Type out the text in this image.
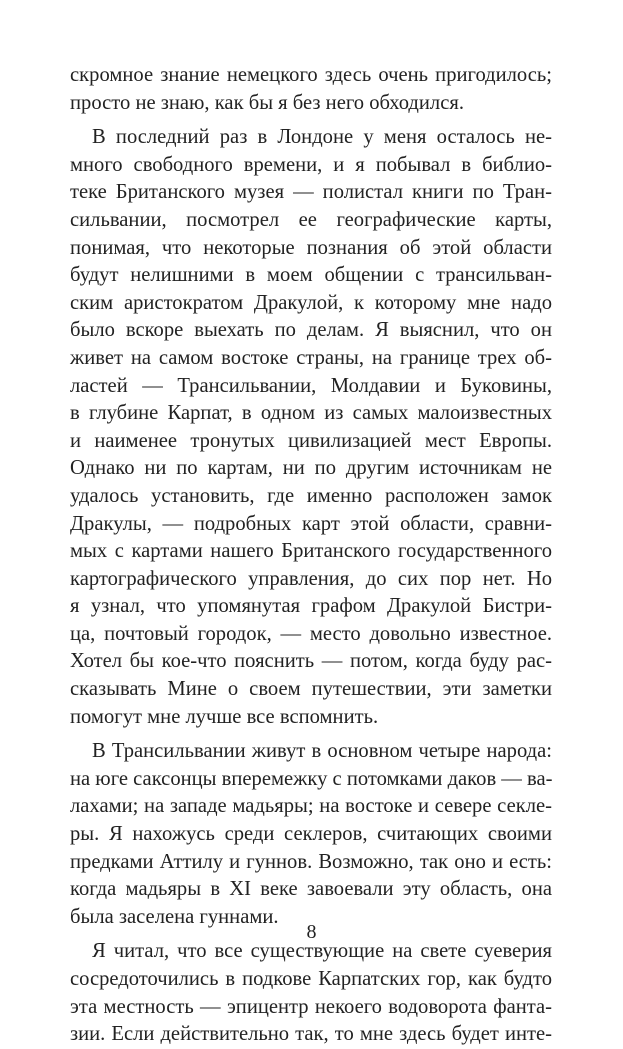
скромное знание немецкого здесь очень пригодилось;
просто не знаю, как бы я без него обходился.
В последний раз в Лондоне у меня осталось не-
много свободного времени, и я побывал в библио-
теке Британского музея — полистал книги по Тран-
сильвании, посмотрел ее географические карты,
понимая, что некоторые познания об этой области
будут нелишними в моем общении с трансильван-
ским аристократом Дракулой, к которому мне надо
было вскоре выехать по делам. Я выяснил, что он
живет на самом востоке страны, на границе трех об-
ластей — Трансильвании, Молдавии и Буковины,
в глубине Карпат, в одном из самых малоизвестных
и наименее тронутых цивилизацией мест Европы.
Однако ни по картам, ни по другим источникам не
удалось установить, где именно расположен замок
Дракулы, — подробных карт этой области, сравни-
мых с картами нашего Британского государственного
картографического управления, до сих пор нет. Но
я узнал, что упомянутая графом Дракулой Бистри-
ца, почтовый городок, — место довольно известное.
Хотел бы кое-что пояснить — потом, когда буду рас-
сказывать Мине о своем путешествии, эти заметки
помогут мне лучше все вспомнить.
В Трансильвании живут в основном четыре народа:
на юге саксонцы вперемежку с потомками даков — ва-
лахами; на западе мадьяры; на востоке и севере секле-
ры. Я нахожусь среди секлеров, считающих своими
предками Аттилу и гуннов. Возможно, так оно и есть:
когда мадьяры в XI веке завоевали эту область, она
была заселена гуннами.
Я читал, что все существующие на свете суеверия
сосредоточились в подкове Карпатских гор, как будто
эта местность — эпицентр некоего водоворота фанта-
зии. Если действительно так, то мне здесь будет инте-
8
